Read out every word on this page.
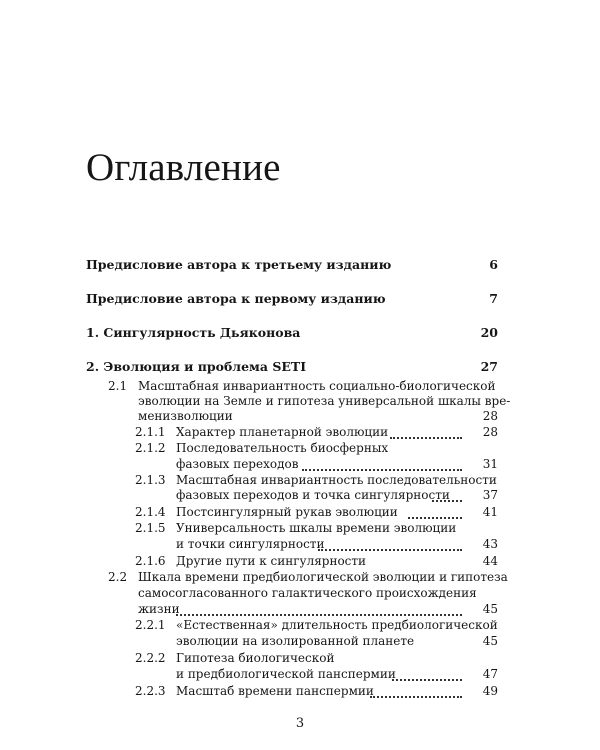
Оглавление
Предисловие автора к третьему изданию	6
Предисловие автора к первому изданию	7
1. Сингулярность Дьяконова	20
2. Эволюция и проблема SETI	27
2.1 Масштабная инвариантность социально-биологической
эволюции на Земле и гипотеза универсальной шкалы вре-
менизволюции	28
2.1.1 Характер планетарной эволюции	28
2.1.2 Последовательность биосферных
фазовых переходов	31
2.1.3 Масштабная инвариантность последовательности
фазовых переходов и точка сингулярности	37
2.1.4 Постсингулярный рукав эволюции	41
2.1.5 Универсальность шкалы времени эволюции
и точки сингулярности	43
2.1.6 Другие пути к сингулярности	44
2.2 Шкала времени предбиологической эволюции и гипотеза
самосогласованного галактического происхождения
жизни	45
2.2.1 «Естественная» длительность предбиологической
эволюции на изолированной планете	45
2.2.2 Гипотеза биологической
и предбиологической панспермии	47
2.2.3 Масштаб времени панспермии	49
3
